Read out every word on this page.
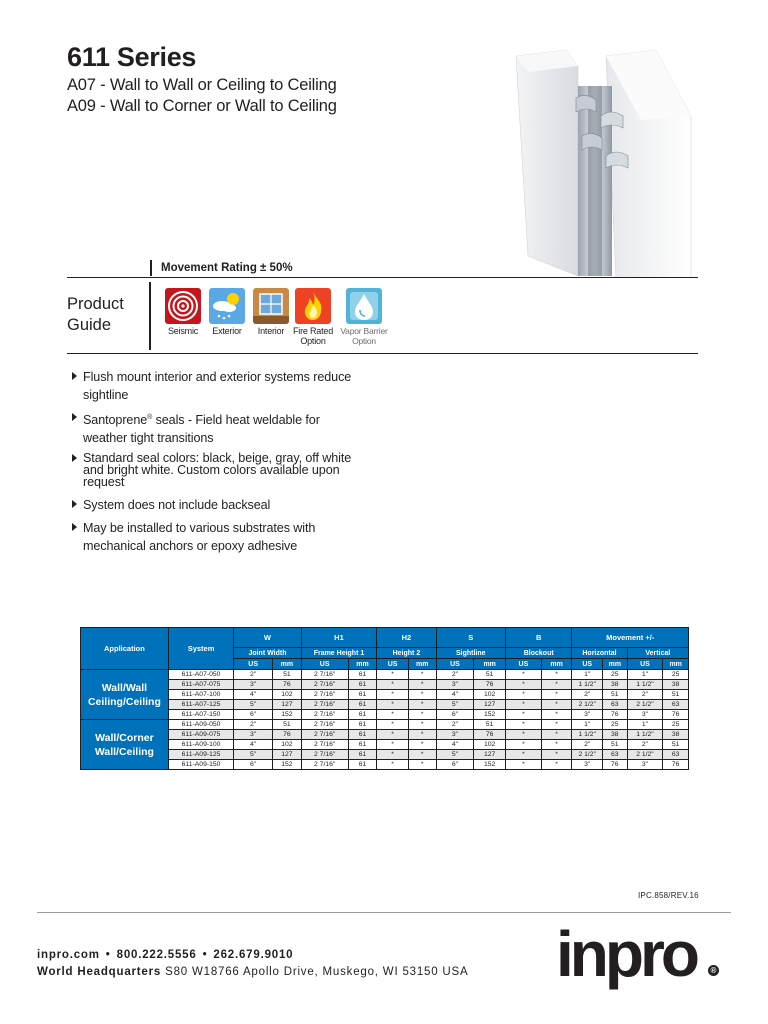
611 Series
A07 - Wall to Wall or Ceiling to Ceiling
A09 - Wall to Corner or Wall to Ceiling
Movement Rating ± 50%
Product
Guide	Seismic	Exterior	Interior Fire Rated
Option
Vapor Barrier
Option
Flush mount interior and exterior systems reduce
sightline
Santoprene® seals - Field heat weldable for
weather tight transitions
Standard seal colors: black, beige, gray, off white
and bright white. Custom colors available upon
request
System does not include backseal
May be installed to various substrates with
mechanical anchors or epoxy adhesive
Application	System	W		H1		H2		S		B		Movement +/-			
		Joint Width		Frame Height 1		Height 2		Sightline		Blockout		Horizontal		Vertical	
		US	mm	US	mm	US	mm	US	mm	US	mm	US	mm	US	mm

Wall/Wall
Ceiling/Ceiling	611-A07-050	2"	51	2 7/16"	61	*	*	2"	51	*	*	1"	25	1"	25
	611-A07-075	3"	76	2 7/16"	61	*	*	3"	76	*	*	1 1/2"	38	1 1/2"	38
	611-A07-100	4"	102	2 7/16"	61	*	*	4"	102	*	*	2"	51	2"	51
	611-A07-125	5"	127	2 7/16"	61	*	*	5"	127	*	*	2 1/2"	63	2 1/2"	63
	611-A07-150	6"	152	2 7/16"	61	*	*	6"	152	*	*	3"	76	3"	76

Wall/Corner
Wall/Ceiling	611-A09-050	2"	51	2 7/16"	61	*	*	2"	51	*	*	1"	25	1"	25
	611-A09-075	3"	76	2 7/16"	61	*	*	3"	76	*	*	1 1/2"	38	1 1/2"	38
	611-A09-100	4"	102	2 7/16"	61	*	*	4"	102	*	*	2"	51	2"	51
	611-A09-125	5"	127	2 7/16"	61	*	*	5"	127	*	*	2 1/2"	63	2 1/2"	63
	611-A09-150	6"	152	2 7/16"	61	*	*	6"	152	*	*	3"	76	3"	76
IPC.858/REV.16
inpro.com • 800.222.5556 • 262.679.9010
World Headquarters S80 W18766 Apollo Drive, Muskego, WI 53150 USA inpro	®
